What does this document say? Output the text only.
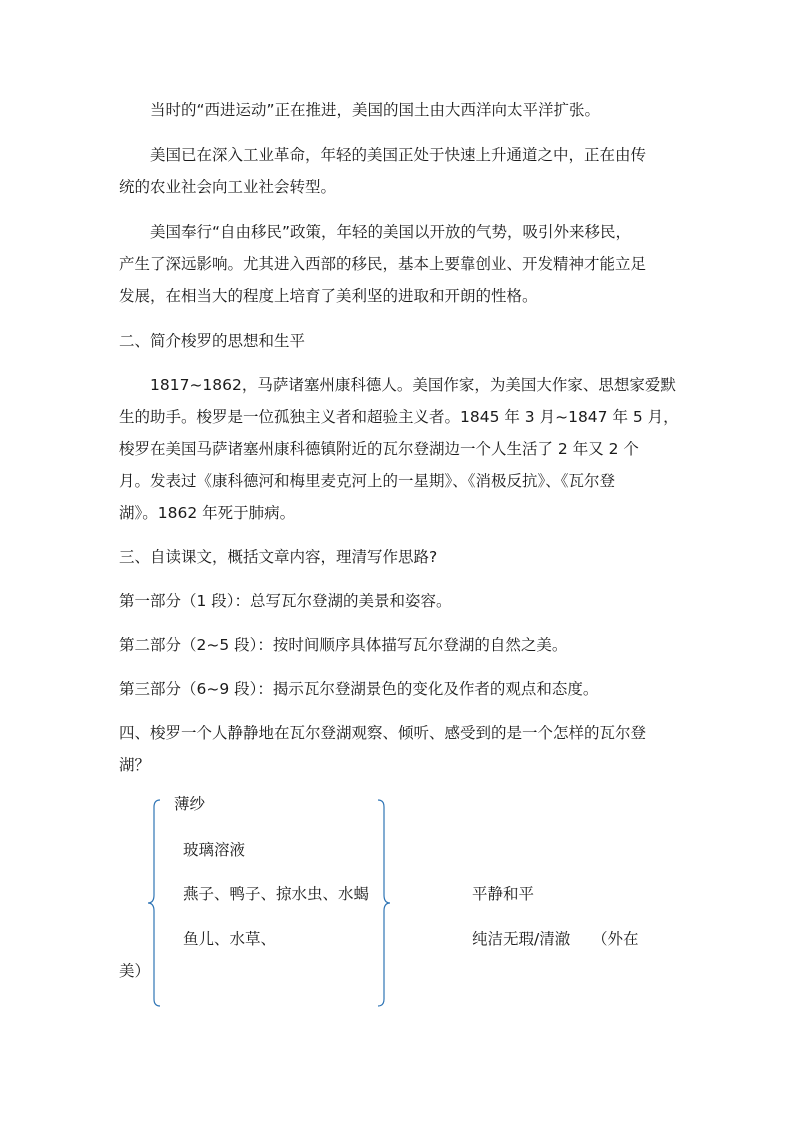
当时的“西进运动”正在推进，美国的国土由大西洋向太平洋扩张。
美国已在深入工业革命，年轻的美国正处于快速上升通道之中，正在由传
统的农业社会向工业社会转型。
美国奉行“自由移民”政策，年轻的美国以开放的气势，吸引外来移民，
产生了深远影响。尤其进入西部的移民，基本上要靠创业、开发精神才能立足
发展，在相当大的程度上培育了美利坚的进取和开朗的性格。
二、简介梭罗的思想和生平
1817~1862，马萨诸塞州康科德人。美国作家，为美国大作家、思想家爱默
生的助手。梭罗是一位孤独主义者和超验主义者。1845 年 3 月~1847 年 5 月，
梭罗在美国马萨诸塞州康科德镇附近的瓦尔登湖边一个人生活了 2 年又 2 个
月。发表过《康科德河和梅里麦克河上的一星期》、《消极反抗》、《瓦尔登
湖》。1862 年死于肺病。
三、自读课文，概括文章内容，理清写作思路?
第一部分（1 段）：总写瓦尔登湖的美景和姿容。
第二部分（2~5 段）：按时间顺序具体描写瓦尔登湖的自然之美。
第三部分（6~9 段）：揭示瓦尔登湖景色的变化及作者的观点和态度。
四、梭罗一个人静静地在瓦尔登湖观察、倾听、感受到的是一个怎样的瓦尔登
湖？
薄纱
玻璃溶液
燕子、鸭子、掠水虫、水蝎
鱼儿、水草、
平静和平
纯洁无瑕/清澈 （外在
美）
